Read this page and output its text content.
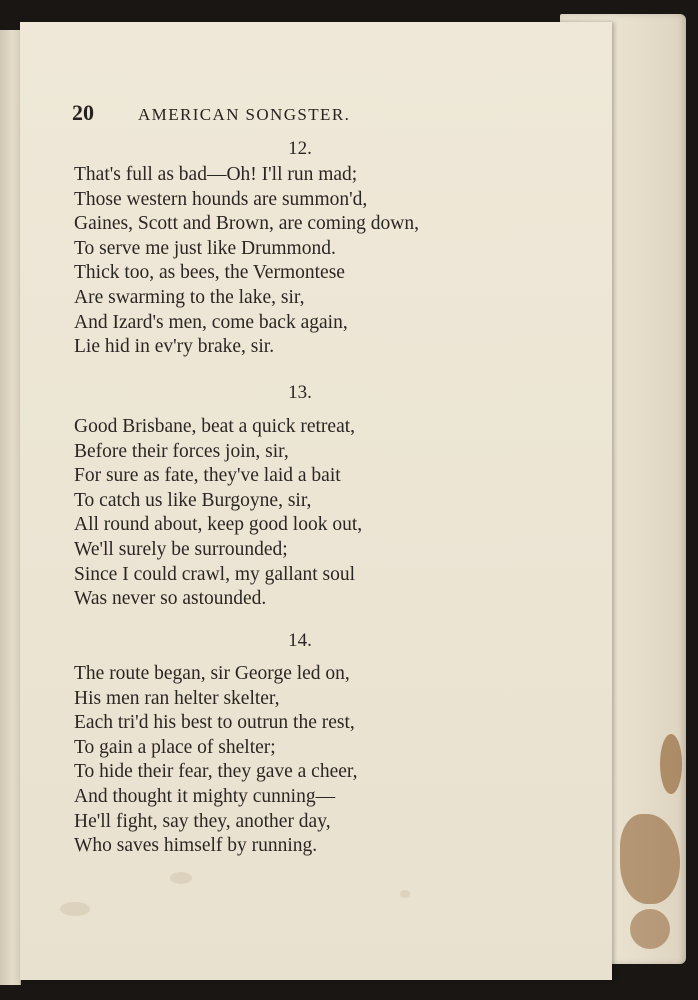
20	AMERICAN SONGSTER.
12.
That's full as bad—Oh! I'll run mad;
Those western hounds are summon'd,
Gaines, Scott and Brown, are coming down,
To serve me just like Drummond.
Thick too, as bees, the Vermontese
Are swarming to the lake, sir,
And Izard's men, come back again,
Lie hid in ev'ry brake, sir.
13.
Good Brisbane, beat a quick retreat,
Before their forces join, sir,
For sure as fate, they've laid a bait
To catch us like Burgoyne, sir,
All round about, keep good look out,
We'll surely be surrounded;
Since I could crawl, my gallant soul
Was never so astounded.
14.
The route began, sir George led on,
His men ran helter skelter,
Each tri'd his best to outrun the rest,
To gain a place of shelter;
To hide their fear, they gave a cheer,
And thought it mighty cunning—
He'll fight, say they, another day,
Who saves himself by running.
